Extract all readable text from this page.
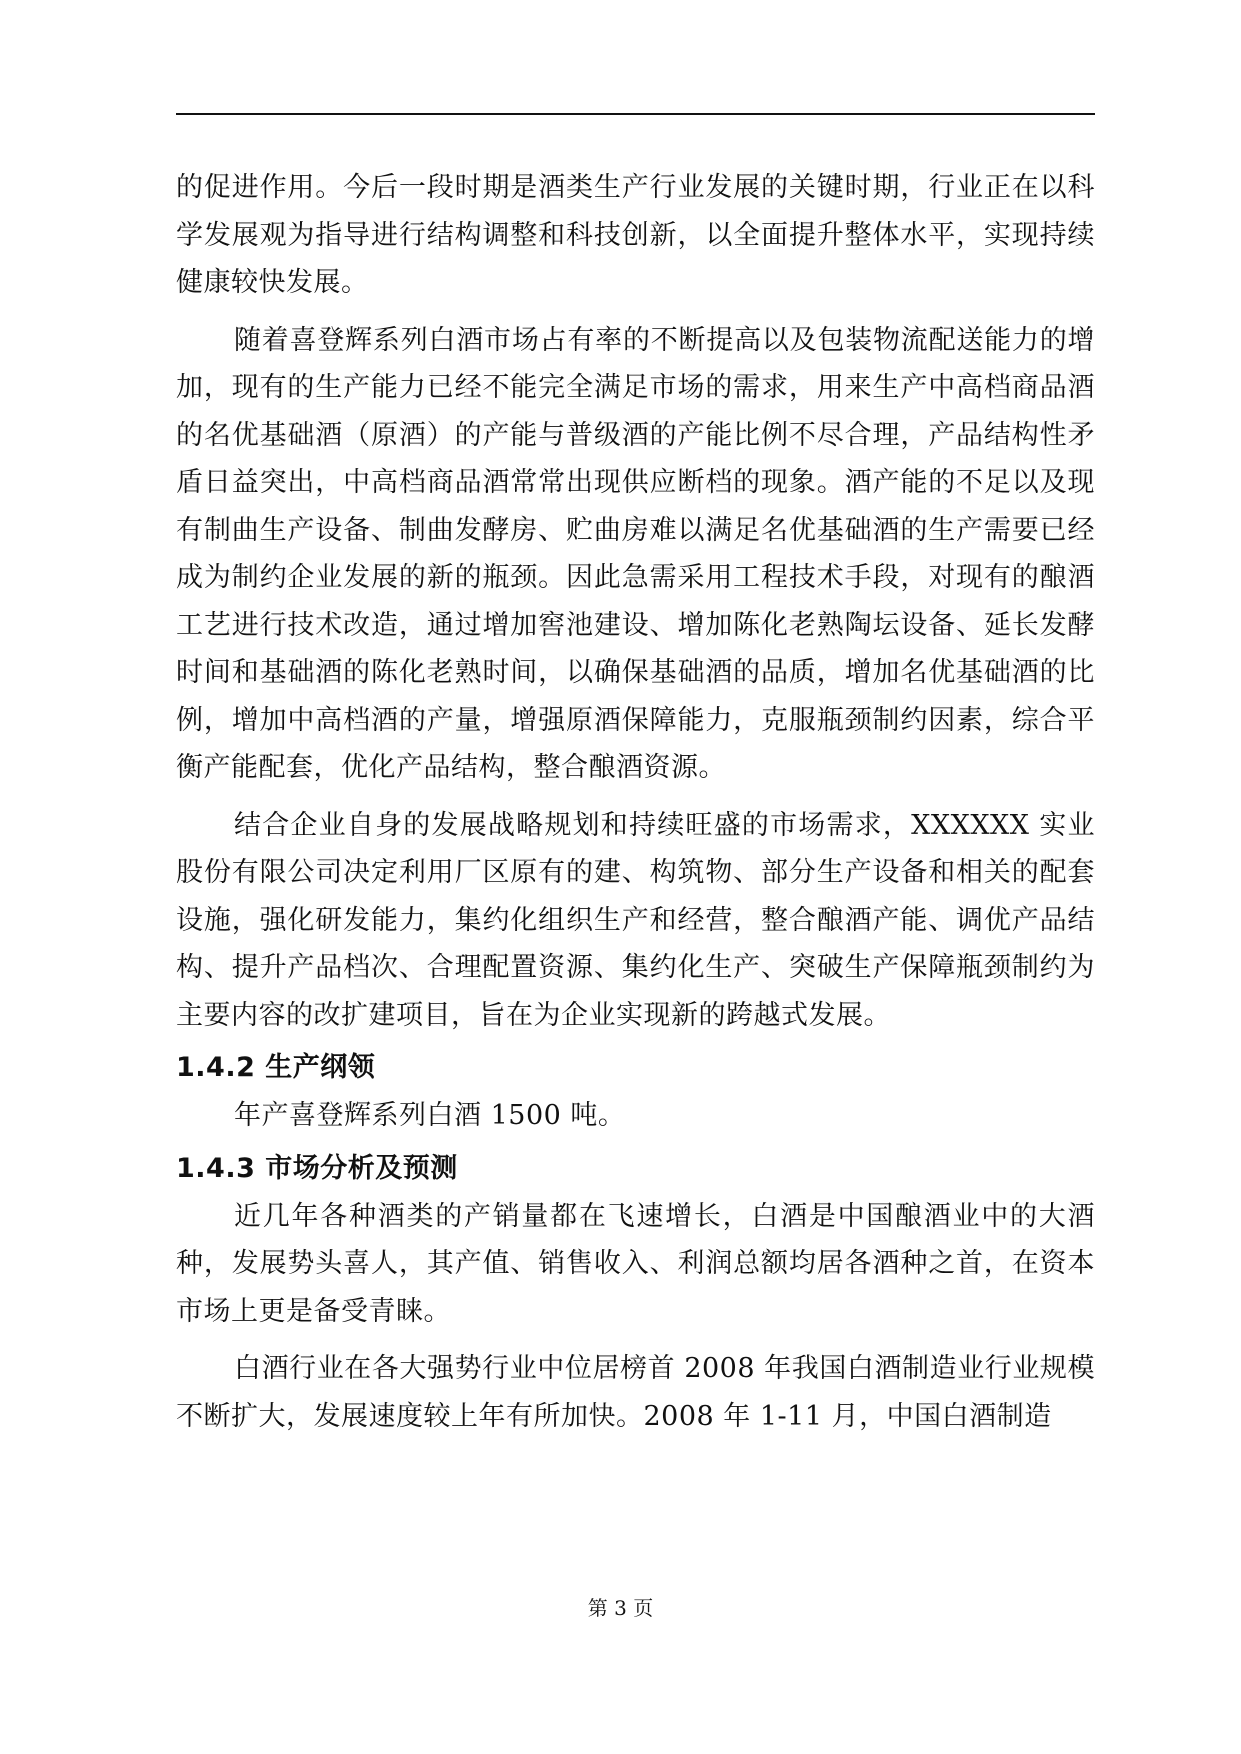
的促进作用。今后一段时期是酒类生产行业发展的关键时期，行业正在以科学发展观为指导进行结构调整和科技创新，以全面提升整体水平，实现持续健康较快发展。

随着喜登辉系列白酒市场占有率的不断提高以及包装物流配送能力的增加，现有的生产能力已经不能完全满足市场的需求，用来生产中高档商品酒的名优基础酒（原酒）的产能与普级酒的产能比例不尽合理，产品结构性矛盾日益突出，中高档商品酒常常出现供应断档的现象。酒产能的不足以及现有制曲生产设备、制曲发酵房、贮曲房难以满足名优基础酒的生产需要已经成为制约企业发展的新的瓶颈。因此急需采用工程技术手段，对现有的酿酒工艺进行技术改造，通过增加窖池建设、增加陈化老熟陶坛设备、延长发酵时间和基础酒的陈化老熟时间，以确保基础酒的品质，增加名优基础酒的比例，增加中高档酒的产量，增强原酒保障能力，克服瓶颈制约因素，综合平衡产能配套，优化产品结构，整合酿酒资源。

结合企业自身的发展战略规划和持续旺盛的市场需求，XXXXXX 实业股份有限公司决定利用厂区原有的建、构筑物、部分生产设备和相关的配套设施，强化研发能力，集约化组织生产和经营，整合酿酒产能、调优产品结构、提升产品档次、合理配置资源、集约化生产、突破生产保障瓶颈制约为主要内容的改扩建项目，旨在为企业实现新的跨越式发展。

1.4.2 生产纲领

年产喜登辉系列白酒 1500 吨。

1.4.3 市场分析及预测

近几年各种酒类的产销量都在飞速增长，白酒是中国酿酒业中的大酒种，发展势头喜人，其产值、销售收入、利润总额均居各酒种之首，在资本市场上更是备受青睐。

白酒行业在各大强势行业中位居榜首 2008 年我国白酒制造业行业规模不断扩大，发展速度较上年有所加快。2008 年 1-11 月，中国白酒制造

第 3 页
